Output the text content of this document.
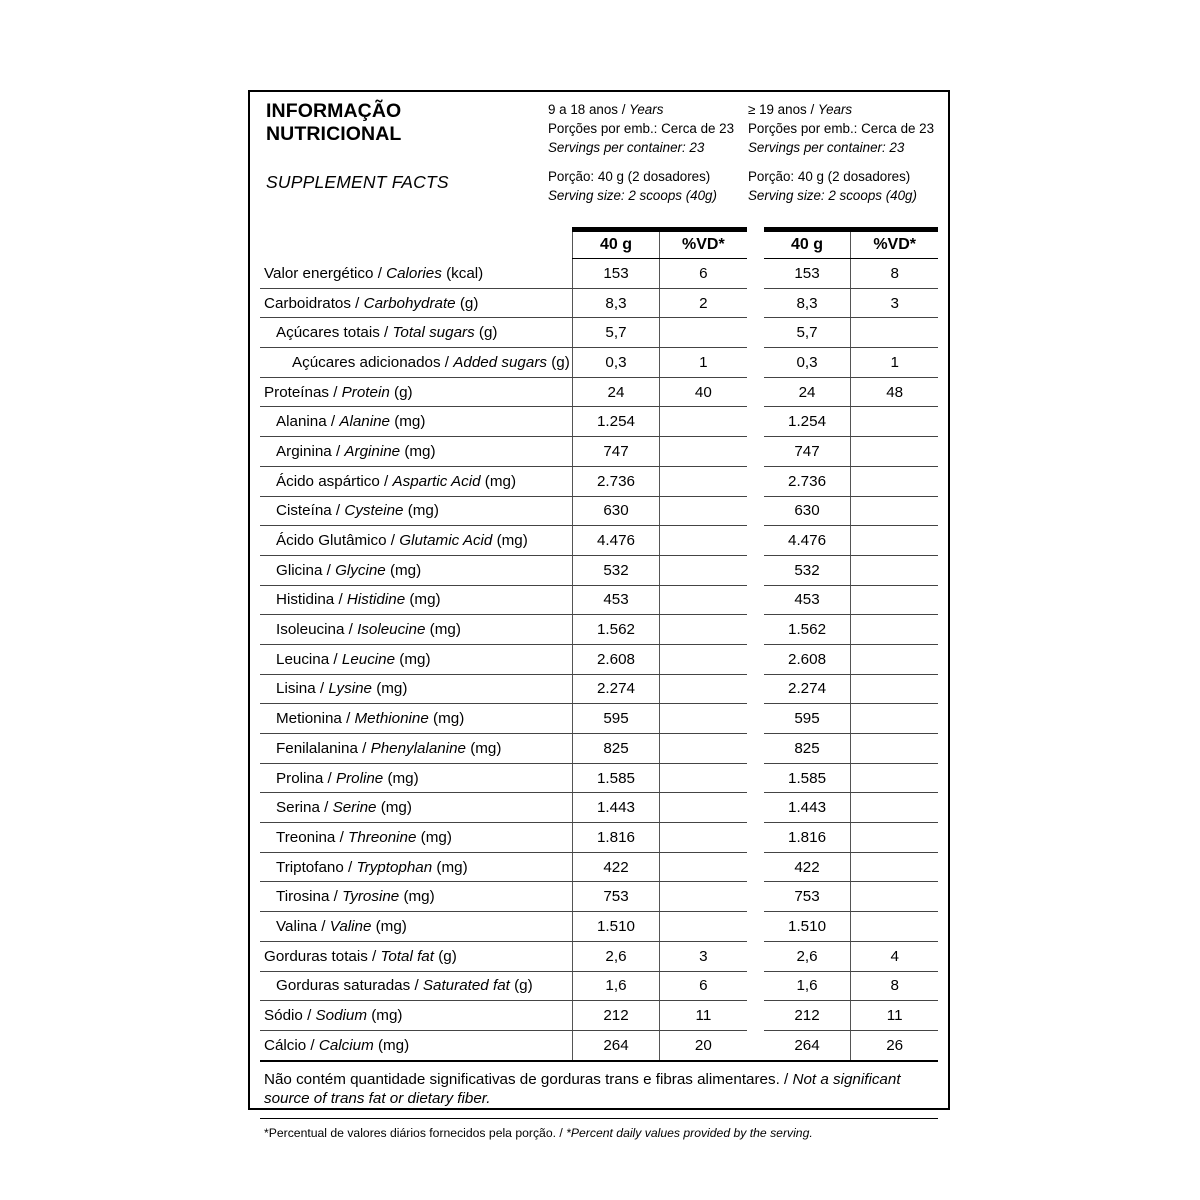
INFORMAÇÃO
NUTRICIONAL
SUPPLEMENT FACTS
9 a 18 anos / Years
Porções por emb.: Cerca de 23
Servings per container: 23
Porção: 40 g (2 dosadores)
Serving size: 2 scoops (40g)
≥ 19 anos / Years
Porções por emb.: Cerca de 23
Servings per container: 23
Porção: 40 g (2 dosadores)
Serving size: 2 scoops (40g)

	40 g	%VD*		40 g	%VD*
Valor energético / Calories (kcal)	153	6		153	8
Carboidratos / Carbohydrate (g)	8,3	2		8,3	3
Açúcares totais / Total sugars (g)	5,7			5,7	
Açúcares adicionados / Added sugars (g)	0,3	1		0,3	1
Proteínas / Protein (g)	24	40		24	48
Alanina / Alanine (mg)	1.254			1.254	
Arginina / Arginine (mg)	747			747	
Ácido aspártico / Aspartic Acid (mg)	2.736			2.736	
Cisteína / Cysteine (mg)	630			630	
Ácido Glutâmico / Glutamic Acid (mg)	4.476			4.476	
Glicina / Glycine (mg)	532			532	
Histidina / Histidine (mg)	453			453	
Isoleucina / Isoleucine (mg)	1.562			1.562	
Leucina / Leucine (mg)	2.608			2.608	
Lisina / Lysine (mg)	2.274			2.274	
Metionina / Methionine (mg)	595			595	
Fenilalanina / Phenylalanine (mg)	825			825	
Prolina / Proline (mg)	1.585			1.585	
Serina / Serine (mg)	1.443			1.443	
Treonina / Threonine (mg)	1.816			1.816	
Triptofano / Tryptophan (mg)	422			422	
Tirosina / Tyrosine (mg)	753			753	
Valina / Valine (mg)	1.510			1.510	
Gorduras totais / Total fat (g)	2,6	3		2,6	4
Gorduras saturadas / Saturated fat (g)	1,6	6		1,6	8
Sódio / Sodium (mg)	212	11		212	11
Cálcio / Calcium (mg)	264	20		264	26
Não contém quantidade significativas de gorduras trans e fibras alimentares. / Not a significant source of trans fat or dietary fiber.
*Percentual de valores diários fornecidos pela porção. / *Percent daily values provided by the serving.
